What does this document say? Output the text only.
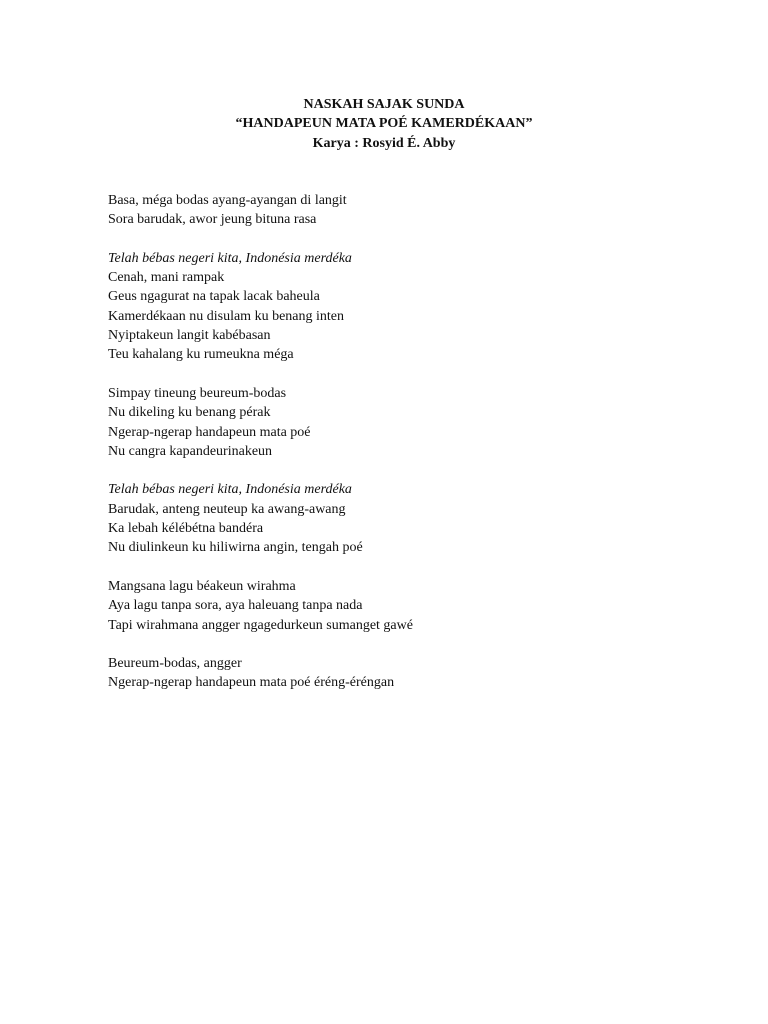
NASKAH SAJAK SUNDA
“HANDAPEUN MATA POÉ KAMERDÉKAAN”
Karya : Rosyid É. Abby
Basa, méga bodas ayang-ayangan di langit
Sora barudak, awor jeung bituna rasa
Telah bébas negeri kita, Indonésia merdéka
Cenah, mani rampak
Geus ngagurat na tapak lacak baheula
Kamerdékaan nu disulam ku benang inten
Nyiptakeun langit kabébasan
Teu kahalang ku rumeukna méga
Simpay tineung beureum-bodas
Nu dikeling ku benang pérak
Ngerap-ngerap handapeun mata poé
Nu cangra kapandeurinakeun
Telah bébas negeri kita, Indonésia merdéka
Barudak, anteng neuteup ka awang-awang
Ka lebah kélébétna bandéra
Nu diulinkeun ku hiliwirna angin, tengah poé
Mangsana lagu béakeun wirahma
Aya lagu tanpa sora, aya haleuang tanpa nada
Tapi wirahmana angger ngagedurkeun sumanget gawé
Beureum-bodas, angger
Ngerap-ngerap handapeun mata poé éréng-éréngan
